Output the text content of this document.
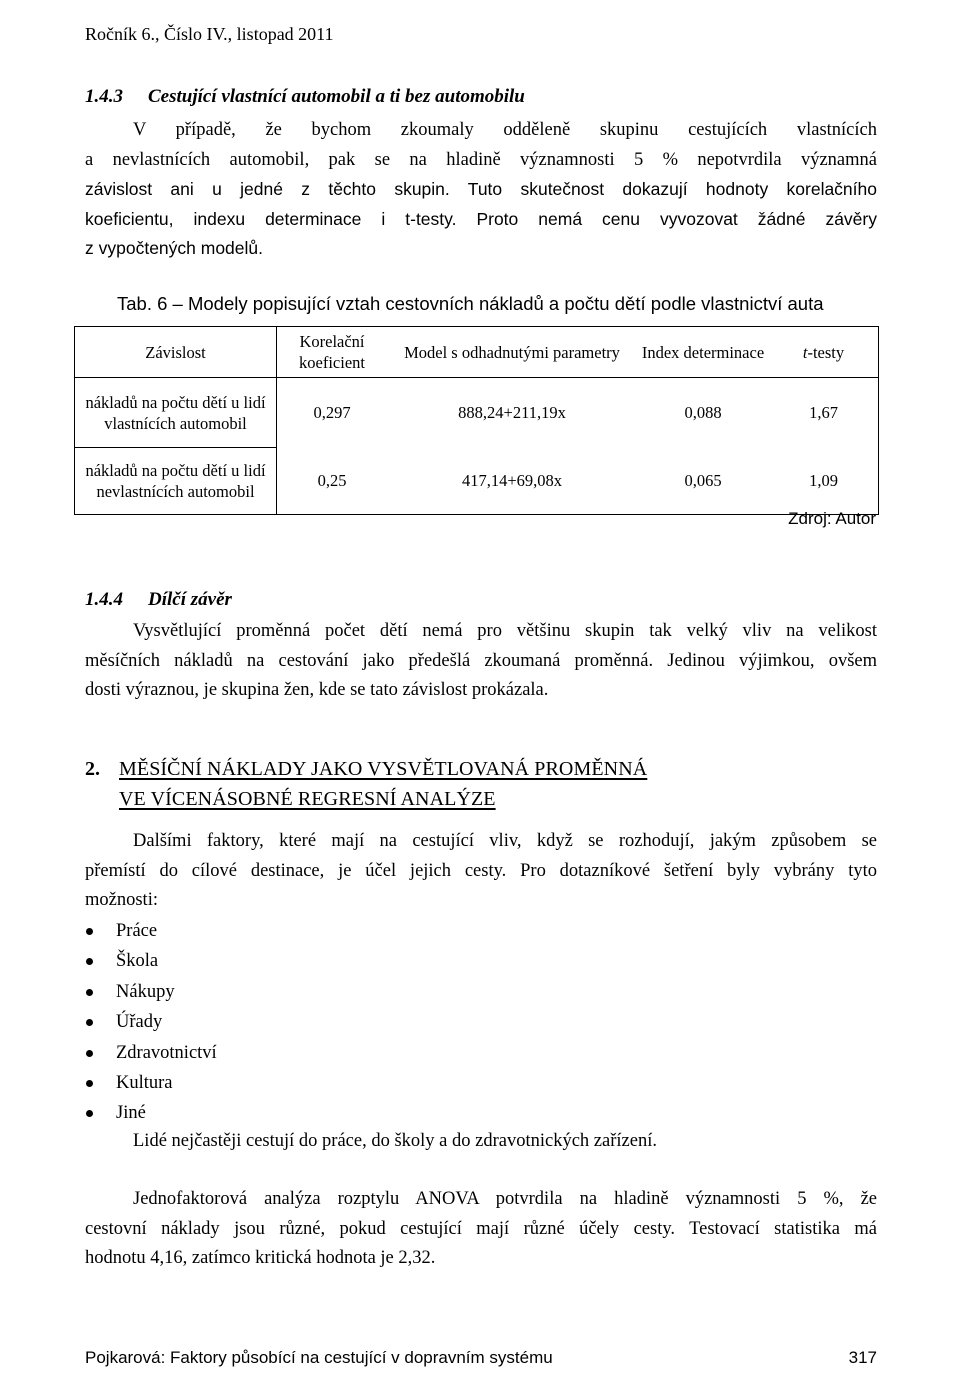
Ročník 6., Číslo IV., listopad 2011
1.4.3	Cestující vlastnící automobil a ti bez automobilu
V případě, že bychom zkoumaly odděleně skupinu cestujících vlastnících
a nevlastnících automobil, pak se na hladině významnosti 5 % nepotvrdila významná
závislost ani u jedné z těchto skupin. Tuto skutečnost dokazují hodnoty korelačního
koeficientu, indexu determinace i t-testy. Proto nemá cenu vyvozovat žádné závěry
z vypočtených modelů.
Tab. 6 – Modely popisující vztah cestovních nákladů a počtu dětí podle vlastnictví auta
Závislost	Korelační koeficient	Model s odhadnutými parametry	Index determinace	t-testy
nákladů na počtu dětí u lidí vlastnících automobil	0,297	888,24+211,19x	0,088	1,67
nákladů na počtu dětí u lidí nevlastnících automobil	0,25	417,14+69,08x	0,065	1,09
Zdroj: Autor
1.4.4	Dílčí závěr
Vysvětlující proměnná počet dětí nemá pro většinu skupin tak velký vliv na velikost
měsíčních nákladů na cestování jako předešlá zkoumaná proměnná. Jedinou výjimkou, ovšem
dosti výraznou, je skupina žen, kde se tato závislost prokázala.
2. MĚSÍČNÍ NÁKLADY JAKO VYSVĚTLOVANÁ PROMĚNNÁ
VE VÍCENÁSOBNÉ REGRESNÍ ANALÝZE
Dalšími faktory, které mají na cestující vliv, když se rozhodují, jakým způsobem se
přemístí do cílové destinace, je účel jejich cesty. Pro dotazníkové šetření byly vybrány tyto
možnosti:
Práce
Škola
Nákupy
Úřady
Zdravotnictví
Kultura
Jiné
Lidé nejčastěji cestují do práce, do školy a do zdravotnických zařízení.
Jednofaktorová analýza rozptylu ANOVA potvrdila na hladině významnosti 5 %, že
cestovní náklady jsou různé, pokud cestující mají různé účely cesty. Testovací statistika má
hodnotu 4,16, zatímco kritická hodnota je 2,32.
Pojkarová: Faktory působící na cestující v dopravním systému	317
